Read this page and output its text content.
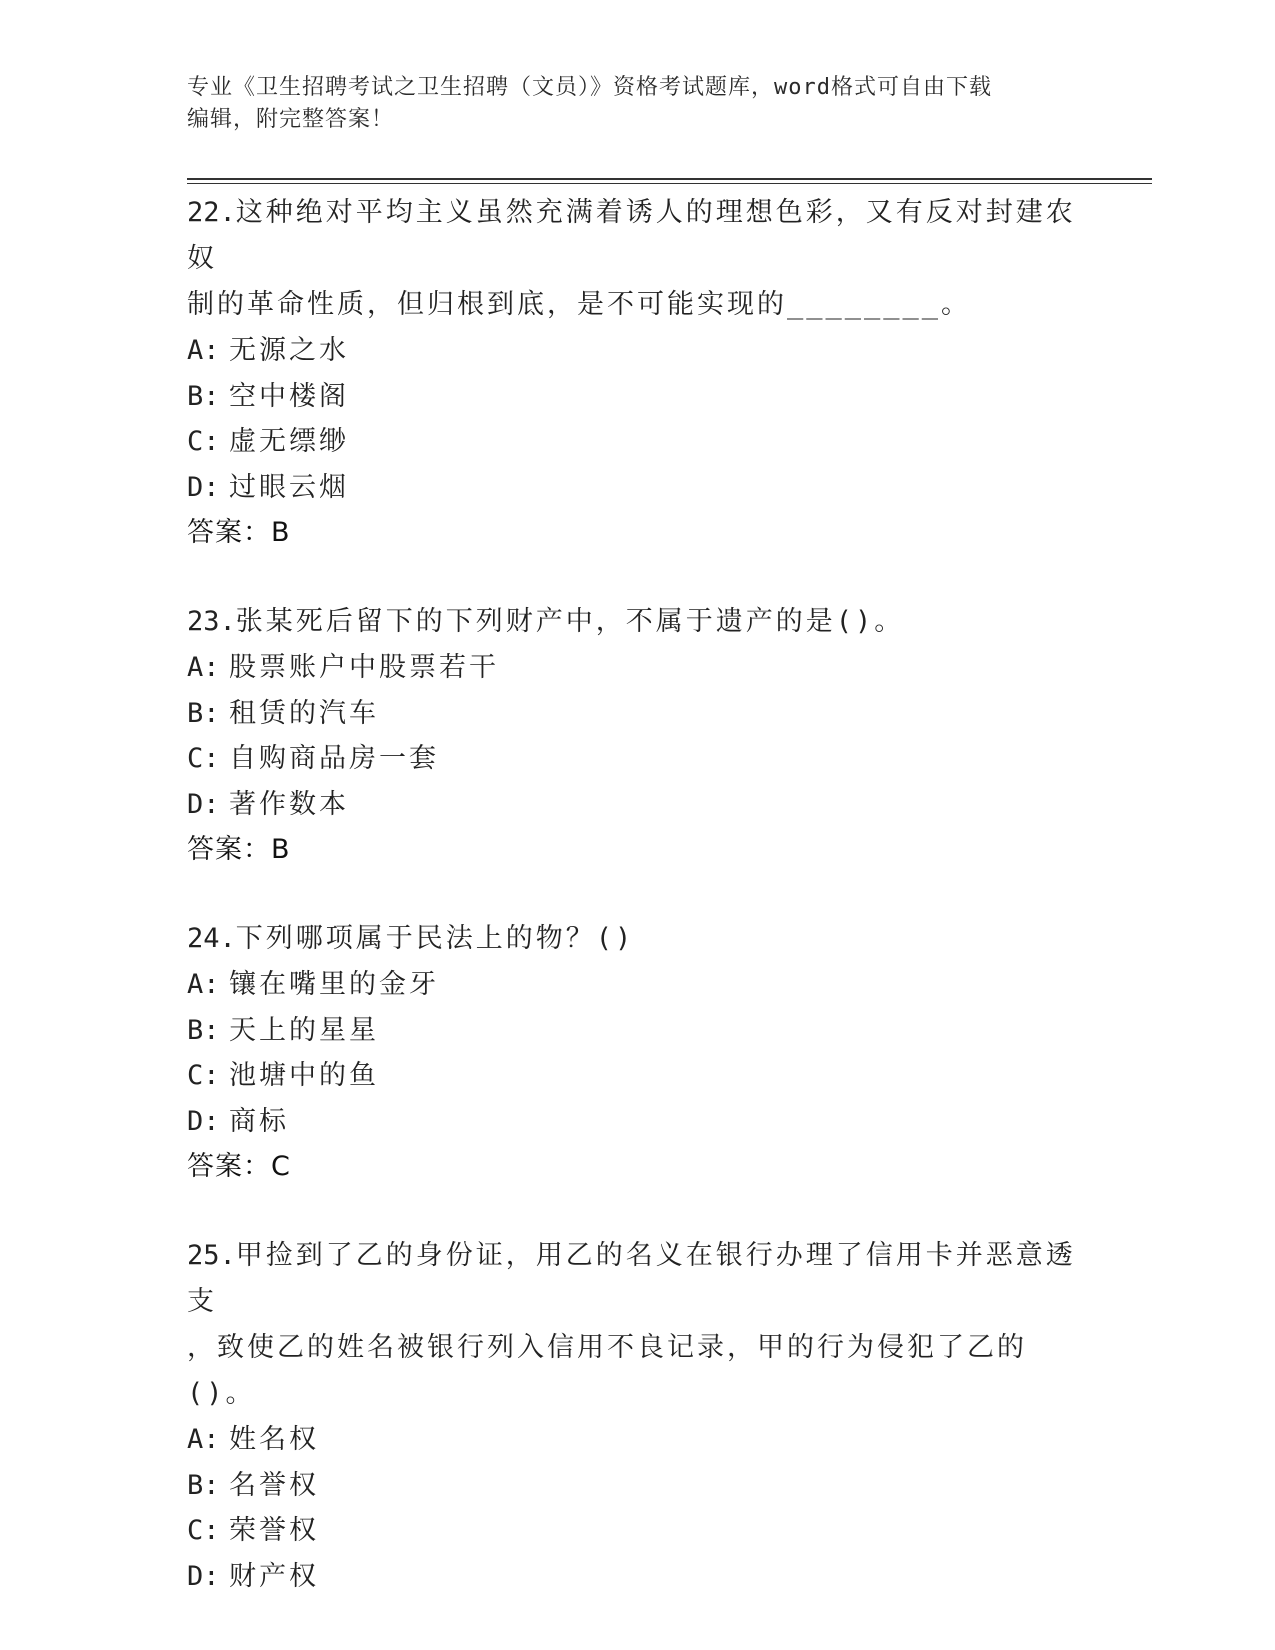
专业《卫生招聘考试之卫生招聘（文员）》资格考试题库，word格式可自由下载
编辑，附完整答案！
22.这种绝对平均主义虽然充满着诱人的理想色彩，又有反对封建农奴
制的革命性质，但归根到底，是不可能实现的________。
A: 无源之水
B: 空中楼阁
C: 虚无缥缈
D: 过眼云烟
答案：B
23.张某死后留下的下列财产中，不属于遗产的是()。
A: 股票账户中股票若干
B: 租赁的汽车
C: 自购商品房一套
D: 著作数本
答案：B
24.下列哪项属于民法上的物？()
A: 镶在嘴里的金牙
B: 天上的星星
C: 池塘中的鱼
D: 商标
答案：C
25.甲捡到了乙的身份证，用乙的名义在银行办理了信用卡并恶意透支
，致使乙的姓名被银行列入信用不良记录，甲的行为侵犯了乙的()。
A: 姓名权
B: 名誉权
C: 荣誉权
D: 财产权
